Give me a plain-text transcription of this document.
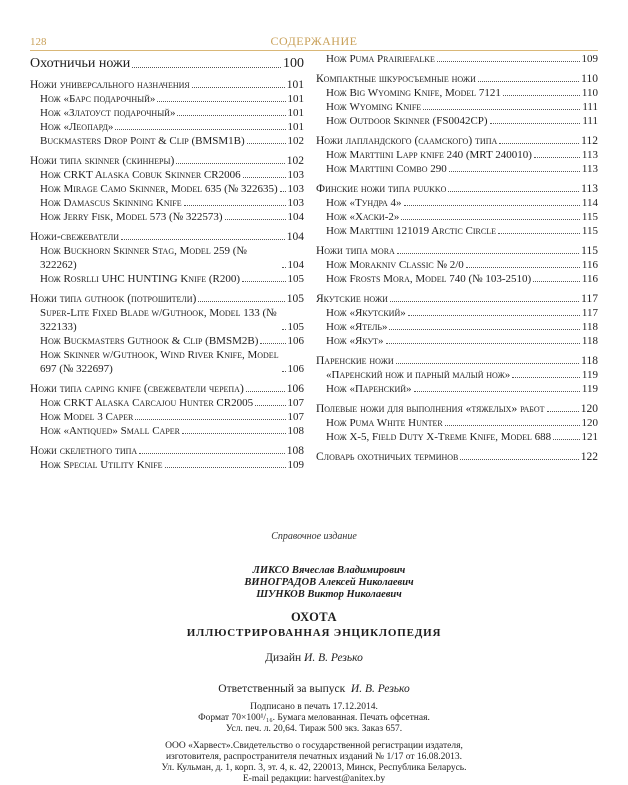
128	СОДЕРЖАНИЕ
Охотничьи ножи	100
Ножи универсального назначения	101
Нож «Барс подарочный»	101
Нож «Златоуст подарочный»	101
Нож «Леопард»	101
Buckmasters Drop Point & Clip (BMSM1B)	102
Ножи типа skinner (скиннеры)	102
Нож CRKT Alaska Cobuk Skinner CR2006	103
Нож Mirage Camo Skinner, Model 635 (№ 322635) 103
Нож Damascus Skinning Knife	103
Нож Jerry Fisk, Model 573 (№ 322573)	104
Ножи-свежеватели	104
Нож Buckhorn Skinner Stag, Model 259 (№ 322262)	104
Нож Rosrlli UHC HUNTING Knife (R200)	105
Ножи типа guthook (потрошители)	105
Super-Lite Fixed Blade w/Guthook, Model 133 (№ 322133)	105
Нож Buckmasters Guthook & Clip (BMSM2B)	106
Нож Skinner w/Guthook, Wind River Knife, Model 697 (№ 322697)	106
Ножи типа caping knife (свежеватели черепа)	106
Нож CRKT Alaska Carcajou Hunter CR2005	107
Нож Model 3 Caper	107
Нож «Antiqued» Small Caper	108
Ножи скелетного типа	108
Нож Special Utility Knife	109
Нож Puma Prairiefalke	109
Компактные шкуросъемные ножи	110
Нож Big Wyoming Knife, Model 7121	110
Нож Wyoming Knife	111
Нож Outdoor Skinner (FS0042CP)	111
Ножи лапландского (саамского) типа	112
Нож Marttiini Lapp knife 240 (MRT 240010)	113
Нож Marttiini Combo 290	113
Финские ножи типа puukko	113
Нож «Тундра 4»	114
Нож «Хаски-2»	115
Нож Marttiini 121019 Arctic Circle	115
Ножи типа mora	115
Нож Morakniv Classic № 2/0	116
Нож Frosts Mora, Model 740 (№ 103-2510)	116
Якутские ножи	117
Нож «Якутский»	117
Нож «Ятель»	118
Нож «Якут»	118
Паренские ножи	118
«Паренский нож и парный малый нож»	119
Нож «Паренский»	119
Полевые ножи для выполнения «тяжелых» работ	120
Нож Puma White Hunter	120
Нож X-5, Field Duty X-Treme Knife, Model 688	121
Словарь охотничьих терминов	122
Справочное издание
ЛИКСО Вячеслав Владимирович
ВИНОГРАДОВ Алексей Николаевич
ШУНКОВ Виктор Николаевич
ОХОТА
ИЛЛЮСТРИРОВАННАЯ ЭНЦИКЛОПЕДИЯ
Дизайн И. В. Резько
Ответственный за выпуск И. В. Резько
Подписано в печать 17.12.2014.
Формат 70×100¹/₁₆. Бумага мелованная. Печать офсетная.
Усл. печ. л. 20,64. Тираж 500 экз. Заказ 657.
ООО «Харвест».Свидетельство о государственной регистрации издателя,
изготовителя, распространителя печатных изданий № 1/17 от 16.08.2013.
Ул. Кульман, д. 1, корп. 3, эт. 4, к. 42, 220013, Минск, Республика Беларусь.
E-mail редакции: harvest@anitex.by
